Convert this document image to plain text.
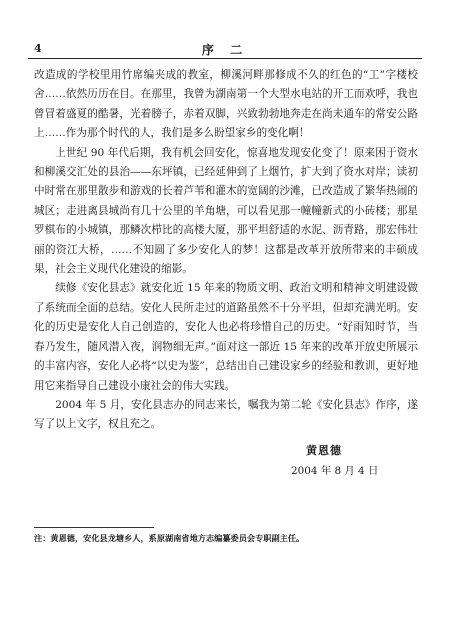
4	序 二

改造成的学校里用竹席编夹成的教室，柳溪河畔那修成不久的红色的“工”字楼校舍……依然历历在目。在那里，我曾为湖南第一个大型水电站的开工而欢呼，我也曾冒着盛夏的酷暑，光着膀子，赤着双脚，兴致勃勃地奔走在尚未通车的常安公路上……作为那个时代的人，我们是多么盼望家乡的变化啊！

上世纪 90 年代后期，我有机会回安化，惊喜地发现安化变了！原来困于资水和柳溪交汇处的县治——东坪镇，已经延伸到了上烟竹，扩大到了资水对岸；读初中时常在那里散步和游戏的长着芦苇和灌木的宽阔的沙滩，已改造成了繁华热闹的城区；走进离县城尚有几十公里的羊角塘，可以看见那一幢幢新式的小砖楼；那星罗棋布的小城镇，那鳞次栉比的高楼大厦，那平坦舒适的水泥、沥青路，那宏伟壮丽的资江大桥，……不知圆了多少安化人的梦！这都是改革开放所带来的丰硕成果，社会主义现代化建设的缩影。

续修《安化县志》就安化近 15 年来的物质文明、政治文明和精神文明建设做了系统而全面的总结。安化人民所走过的道路虽然不十分平坦，但却充满光明。安化的历史是安化人自己创造的，安化人也必将珍惜自己的历史。“好雨知时节，当春乃发生，随风潜入夜，润物细无声。”面对这一部近 15 年来的改革开放史所展示的丰富内容，安化人必将“以史为鉴”，总结出自己建设家乡的经验和教训，更好地用它来指导自己建设小康社会的伟大实践。

2004 年 5 月，安化县志办的同志来长，嘱我为第二轮《安化县志》作序，遂写了以上文字，权且充之。

黄恩德
2004 年 8 月 4 日
注：黄恩德，安化县龙塘乡人，系原湖南省地方志编纂委员会专职副主任。
